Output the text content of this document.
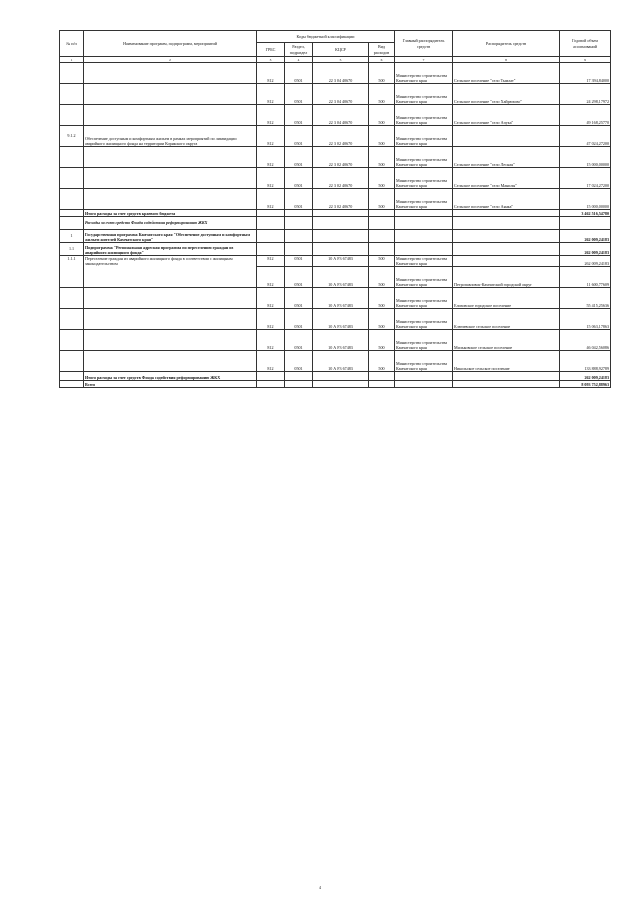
№ п/п	Наименование программ, подпрограмм, мероприятий	Коды бюджетной классификации				Главный распорядитель средств	Распорядитель средств	Годовой объем ассигнований
		ГРБС	Раздел, подраздел	КЦСР	Вид расходов			
1	2	3	4	5	6	7	8	9
		812	0501	22 3 04 40670	500	Министерство строительства Камчатского края	Сельское поселение "село Тымлат"	17 394,84000
		812	0501	22 3 04 40670	500	Министерство строительства Камчатского края	Сельское поселение "село Хайрюзово"	24 298,17972
		812	0501	22 3 04 40670	500	Министерство строительства Камчатского края	Сельское поселение "село Апука"	49 168,25770
9.1.2	Обеспечение доступным и комфортным жильем в рамках мероприятий по ликвидации аварийного жилищного фонда на территории Корякского округа	812	0501	22 3 02 40670	500	Министерство строительства Камчатского края		47 024,27200
		812	0501	22 3 02 40670	500	Министерство строительства Камчатского края	Сельское поселение "село Лесная"	15 000,00000
		812	0501	22 3 02 40670	500	Министерство строительства Камчатского края	Сельское поселение "село Манилы"	17 024,27200
		812	0501	22 3 02 40670	500	Министерство строительства Камчатского края	Сельское поселение "село Аянка"	15 000,00000
	Итого расходы за счет средств краевого бюджета							3 462 516,54780
	Расходы за счет средств Фонда содействия реформированию ЖКХ							
1	Государственная программа Камчатского края "Обеспечение доступным и комфортным жильем жителей Камчатского края"							262 009,24183
1.1	Подпрограмма "Региональная адресная программа по переселению граждан из аварийного жилищного фонда"							262 009,24183
1.1.1	Переселение граждан из аварийного жилищного фонда в соответствии с жилищным законодательством	812	0501	10 А F3 67483	500	Министерство строительства Камчатского края		262 009,24183
		812	0501	10 А F3 67483	500	Министерство строительства Камчатского края	Петропавловск-Камчатский городской округ	11 600,77609
		812	0501	10 А F3 67483	500	Министерство строительства Камчатского края	Елизовское городское поселение	55 415,25636
		812	0501	10 А F3 67483	500	Министерство строительства Камчатского края	Ключевское сельское поселение	15 063,17863
		812	0501	10 А F3 67483	500	Министерство строительства Камчатского края	Мильковское сельское поселение	46 042,56086
		812	0501	10 А F3 67483	500	Министерство строительства Камчатского края	Никольское сельское поселение	133 888,92789
	Итого расходы за счет средств Фонда содействия реформированию ЖКХ							262 009,24183
	Всего							8 093 752,88963
4
